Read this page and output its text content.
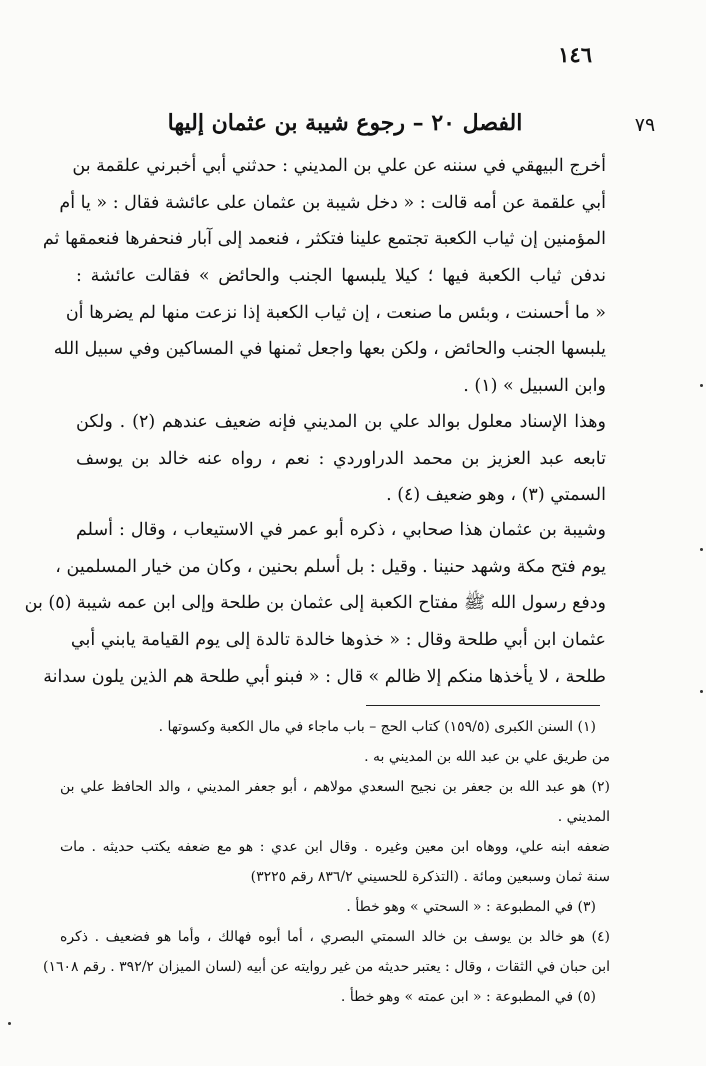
١٤٦
٧٩
الفصل ٢٠ – رجوع شيبة بن عثمان إليها
أخرج البيهقي في سننه عن علي بن المديني : حدثني أبي أخبرني علقمة بن
أبي علقمة عن أمه قالت : « دخل شيبة بن عثمان على عائشة فقال : « يا أم
المؤمنين إن ثياب الكعبة تجتمع علينا فتكثر ، فنعمد إلى آبار فنحفرها فنعمقها ثم
ندفن ثياب الكعبة فيها ؛ كيلا يلبسها الجنب والحائض » فقالت عائشة :
« ما أحسنت ، وبئس ما صنعت ، إن ثياب الكعبة إذا نزعت منها لم يضرها أن
يلبسها الجنب والحائض ، ولكن بعها واجعل ثمنها في المساكين وفي سبيل الله
وابن السبيل » (١) .
وهذا الإسناد معلول بوالد علي بن المديني فإنه ضعيف عندهم (٢) . ولكن
تابعه عبد العزيز بن محمد الدراوردي : نعم ، رواه عنه خالد بن يوسف
السمتي (٣) ، وهو ضعيف (٤) .
وشيبة بن عثمان هذا صحابي ، ذكره أبو عمر في الاستيعاب ، وقال : أسلم
يوم فتح مكة وشهد حنينا . وقيل : بل أسلم بحنين ، وكان من خيار المسلمين ،
ودفع رسول الله ﷺ مفتاح الكعبة إلى عثمان بن طلحة وإلى ابن عمه شيبة (٥) بن
عثمان ابن أبي طلحة وقال : « خذوها خالدة تالدة إلى يوم القيامة يابني أبي
طلحة ، لا يأخذها منكم إلا ظالم » قال : « فبنو أبي طلحة هم الذين يلون سدانة
(١) السنن الكبرى (١٥٩/٥) كتاب الحج – باب ماجاء في مال الكعبة وكسوتها .
من طريق علي بن عبد الله بن المديني به .
(٢) هو عبد الله بن جعفر بن نجيح السعدي مولاهم ، أبو جعفر المديني ، والد الحافظ علي بن
المديني .
ضعفه ابنه علي، ووهاه ابن معين وغيره . وقال ابن عدي : هو مع ضعفه يكتب حديثه . مات
سنة ثمان وسبعين ومائة . (التذكرة للحسيني ٨٣٦/٢ رقم ٣٢٢٥)
(٣) في المطبوعة : « السحتي » وهو خطأ .
(٤) هو خالد بن يوسف بن خالد السمتي البصري ، أما أبوه فهالك ، وأما هو فضعيف . ذكره
ابن حبان في الثقات ، وقال : يعتبر حديثه من غير روايته عن أبيه (لسان الميزان ٣٩٢/٢ . رقم ١٦٠٨)
(٥) في المطبوعة : « ابن عمته » وهو خطأ .
